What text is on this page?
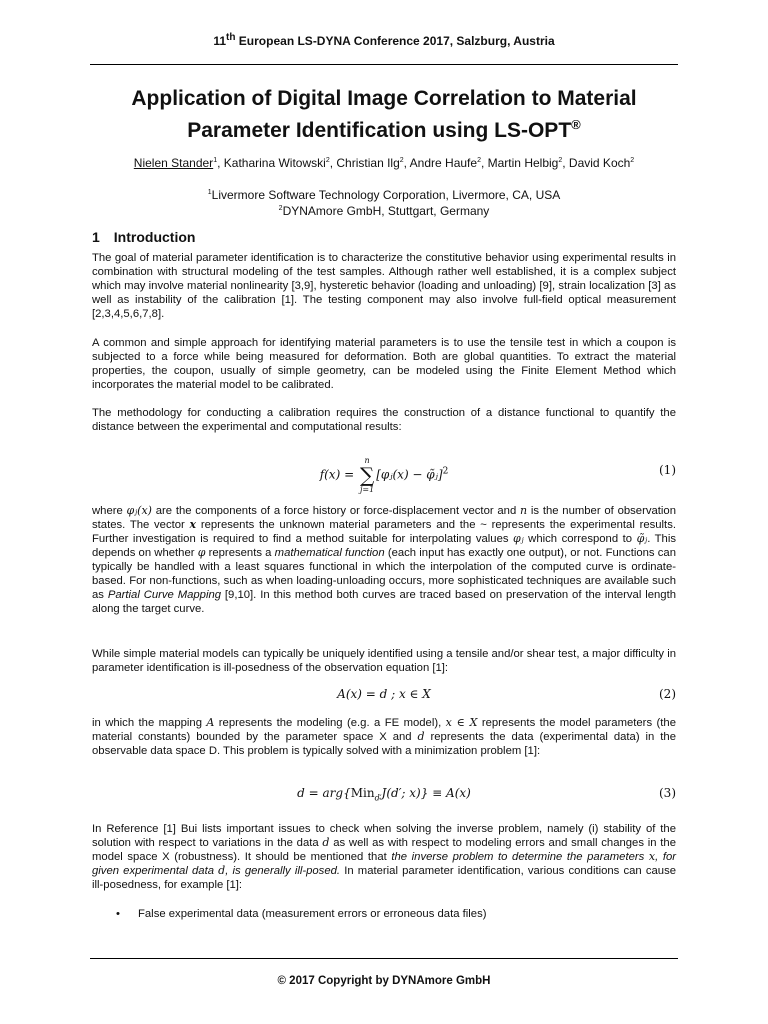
11th European LS-DYNA Conference 2017, Salzburg, Austria
Application of Digital Image Correlation to Material
Parameter Identification using LS-OPT®
Nielen Stander$^1$, Katharina Witowski$^2$, Christian Ilg$^2$, Andre Haufe$^2$, Martin Helbig$^2$, David Koch$^2$
$^1$Livermore Software Technology Corporation, Livermore, CA, USA
$^2$DYNAmore GmbH, Stuttgart, Germany
1 Introduction

The goal of material parameter identification is to characterize the constitutive behavior using experimental results in combination with structural modeling of the test samples. Although rather well established, it is a complex subject which may involve material nonlinearity [3,9], hysteretic behavior (loading and unloading) [9], strain localization [3] as well as instability of the calibration [1]. The testing component may also involve full-field optical measurement [2,3,4,5,6,7,8].

A common and simple approach for identifying material parameters is to use the tensile test in which a coupon is subjected to a force while being measured for deformation. Both are global quantities. To extract the material properties, the coupon, usually of simple geometry, can be modeled using the Finite Element Method which incorporates the material model to be calibrated.

The methodology for conducting a calibration requires the construction of a distance functional to quantify the distance between the experimental and computational results:

f(x) =
n
∑
j=1
[φⱼ(x) − φ̃ⱼ]$^2$	(1)

where φⱼ(x) are the components of a force history or force-displacement vector and n is the number of observation states. The vector x represents the unknown material parameters and the ~ represents the experimental results. Further investigation is required to find a method suitable for interpolating values φⱼ which correspond to φ̃ⱼ. This depends on whether φ represents a mathematical function (each input has exactly one output), or not. Functions can typically be handled with a least squares functional in which the interpolation of the computed curve is ordinate-based. For non-functions, such as when loading-unloading occurs, more sophisticated techniques are available such as Partial Curve Mapping [9,10]. In this method both curves are traced based on preservation of the interval length along the target curve.

While simple material models can typically be uniquely identified using a tensile and/or shear test, a major difficulty in parameter identification is ill-posedness of the observation equation [1]:

A(x) = d ; x ∈ X	(2)

in which the mapping A represents the modeling (e.g. a FE model), x ∈ X represents the model parameters (the material constants) bounded by the parameter space X and d represents the data (experimental data) in the observable data space D. This problem is typically solved with a minimization problem [1]:

d = arg{Min$_{d'}$J(d′; x)} ≡ A(x)	(3)

In Reference [1] Bui lists important issues to check when solving the inverse problem, namely (i) stability of the solution with respect to variations in the data d as well as with respect to modeling errors and small changes in the model space X (robustness). It should be mentioned that the inverse problem to determine the parameters x, for given experimental data d, is generally ill-posed. In material parameter identification, various conditions can cause ill-posedness, for example [1]:

• False experimental data (measurement errors or erroneous data files)
© 2017 Copyright by DYNAmore GmbH
